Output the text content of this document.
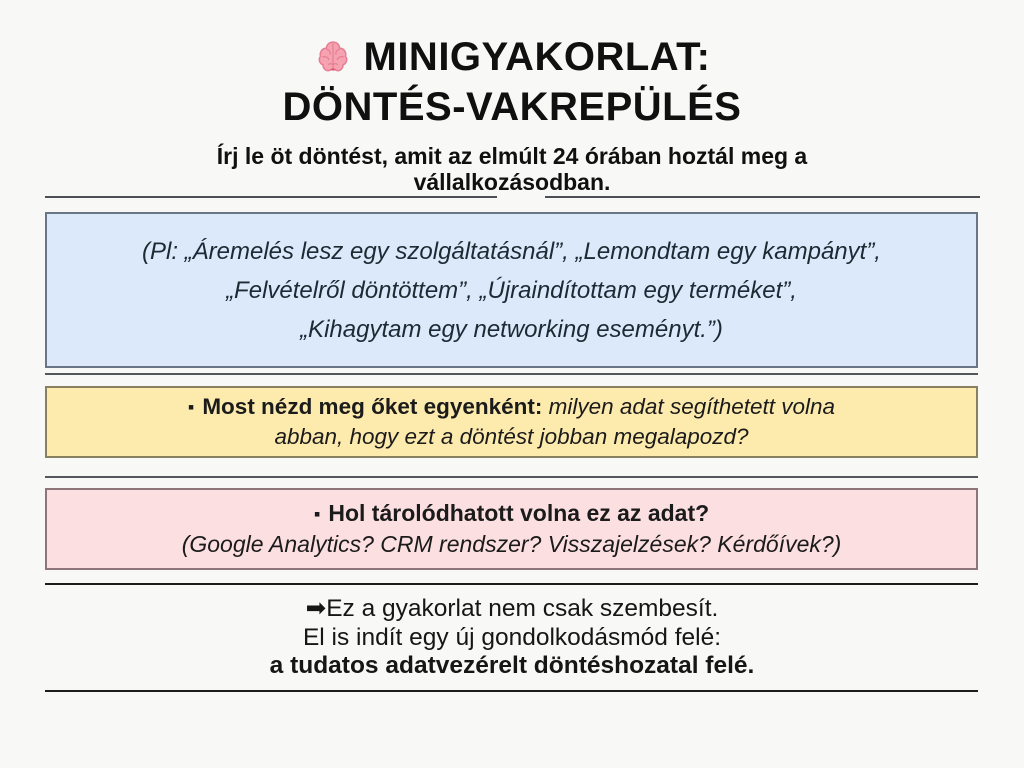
MINIGYAKORLAT:
DÖNTÉS-VAKREPÜLÉS
Írj le öt döntést, amit az elmúlt 24 órában hoztál meg a
vállalkozásodban.

(Pl: „Áremelés lesz egy szolgáltatásnál”, „Lemondtam egy kampányt”,

„Felvételről döntöttem”, „Újraindítottam egy terméket”,

„Kihagytam egy networking eseményt.”)

▪ Most nézd meg őket egyenként: milyen adat segíthetett volna

abban, hogy ezt a döntést jobban megalapozd?

▪ Hol tárolódhatott volna ez az adat?

(Google Analytics? CRM rendszer? Visszajelzések? Kérdőívek?)

➡Ez a gyakorlat nem csak szembesít.

El is indít egy új gondolkodásmód felé:

a tudatos adatvezérelt döntéshozatal felé.
